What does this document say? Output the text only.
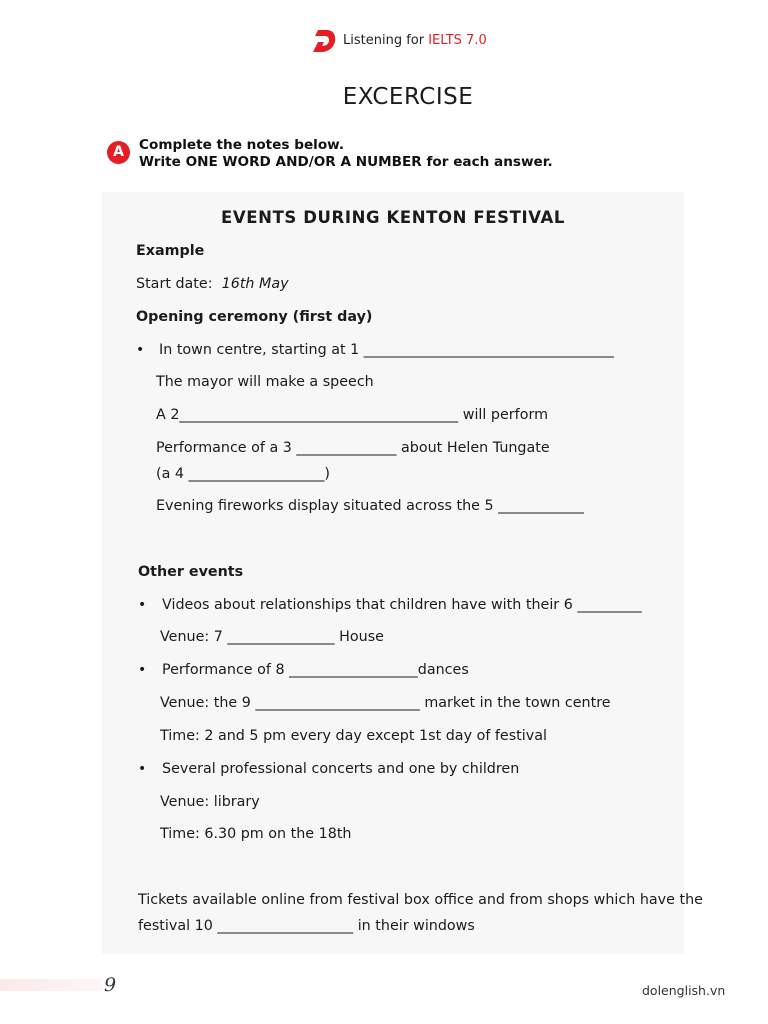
Listening for IELTS 7.0
EXCERCISE
A	Complete the notes below.
Write ONE WORD AND/OR A NUMBER for each answer.
EVENTS DURING KENTON FESTIVAL
Example
Start date: 16th May
Opening ceremony (first day)
• In town centre, starting at 1 ___________________________________
The mayor will make a speech
A 2_______________________________________ will perform
Performance of a 3 ______________ about Helen Tungate
(a 4 ___________________)
Evening fireworks display situated across the 5 ____________
Other events
• Videos about relationships that children have with their 6 _________
Venue: 7 _______________ House
• Performance of 8 __________________dances
Venue: the 9 _______________________ market in the town centre
Time: 2 and 5 pm every day except 1st day of festival
• Several professional concerts and one by children
Venue: library
Time: 6.30 pm on the 18th
Tickets available online from festival box office and from shops which have the
festival 10 ___________________ in their windows
9	dolenglish.vn
